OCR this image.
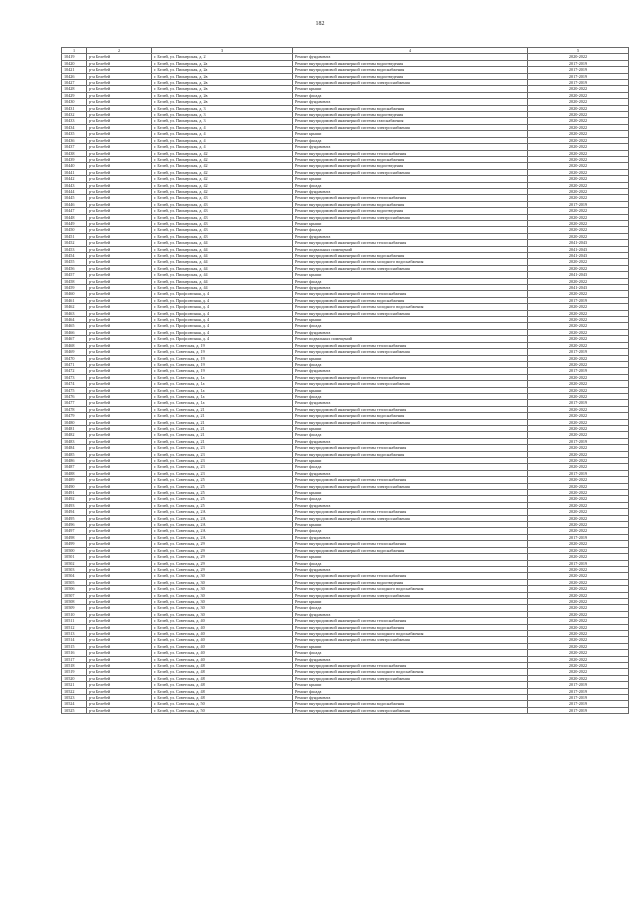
182
1	2	3	4	5
10419	р-н Белебей	г. Белей, ул. Пионерская, д. 2	Ремонт фундамента	2020-2022
10420	р-н Белебей	г. Белей, ул. Пионерская, д. 2а	Ремонт внутридомовой инженерной системы водоотведения	2017-2019
10421	р-н Белебей	г. Белей, ул. Пионерская, д. 2а	Ремонт внутридомовой инженерной системы водоснабжения	2017-2019
10426	р-н Белебей	г. Белей, ул. Пионерская, д. 2в	Ремонт внутридомовой инженерной системы водоотведения	2017-2019
10427	р-н Белебей	г. Белей, ул. Пионерская, д. 2в	Ремонт внутридомовой инженерной системы электроснабжения	2017-2019
10428	р-н Белебей	г. Белей, ул. Пионерская, д. 2в	Ремонт крыши	2020-2022
10429	р-н Белебей	г. Белей, ул. Пионерская, д. 2в	Ремонт фасада	2020-2022
10430	р-н Белебей	г. Белей, ул. Пионерская, д. 2в	Ремонт фундамента	2020-2022
10431	р-н Белебей	г. Белей, ул. Пионерская, д. 3	Ремонт внутридомовой инженерной системы водоснабжения	2020-2022
10432	р-н Белебей	г. Белей, ул. Пионерская, д. 3	Ремонт внутридомовой инженерной системы водоотведения	2020-2022
10433	р-н Белебей	г. Белей, ул. Пионерская, д. 3	Ремонт внутридомовой инженерной системы газоснабжения	2020-2022
10434	р-н Белебей	г. Белей, ул. Пионерская, д. 4	Ремонт внутридомовой инженерной системы электроснабжения	2020-2022
10435	р-н Белебей	г. Белей, ул. Пионерская, д. 4	Ремонт крыши	2020-2022
10436	р-н Белебей	г. Белей, ул. Пионерская, д. 4	Ремонт фасада	2020-2022
10437	р-н Белебей	г. Белей, ул. Пионерская, д. 4	Ремонт фундамента	2020-2022
10438	р-н Белебей	г. Белей, ул. Пионерская, д. 42	Ремонт внутридомовой инженерной системы теплоснабжения	2020-2022
10439	р-н Белебей	г. Белей, ул. Пионерская, д. 42	Ремонт внутридомовой инженерной системы водоснабжения	2020-2022
10440	р-н Белебей	г. Белей, ул. Пионерская, д. 42	Ремонт внутридомовой инженерной системы водоотведения	2020-2022
10441	р-н Белебей	г. Белей, ул. Пионерская, д. 42	Ремонт внутридомовой инженерной системы электроснабжения	2020-2022
10442	р-н Белебей	г. Белей, ул. Пионерская, д. 42	Ремонт крыши	2020-2022
10443	р-н Белебей	г. Белей, ул. Пионерская, д. 42	Ремонт фасада	2020-2022
10444	р-н Белебей	г. Белей, ул. Пионерская, д. 42	Ремонт фундамента	2020-2022
10445	р-н Белебей	г. Белей, ул. Пионерская, д. 43	Ремонт внутридомовой инженерной системы теплоснабжения	2020-2022
10446	р-н Белебей	г. Белей, ул. Пионерская, д. 43	Ремонт внутридомовой инженерной системы водоснабжения	2017-2019
10447	р-н Белебей	г. Белей, ул. Пионерская, д. 43	Ремонт внутридомовой инженерной системы водоотведения	2020-2022
10448	р-н Белебей	г. Белей, ул. Пионерская, д. 43	Ремонт внутридомовой инженерной системы электроснабжения	2020-2022
10449	р-н Белебей	г. Белей, ул. Пионерская, д. 43	Ремонт крыши	2020-2022
10450	р-н Белебей	г. Белей, ул. Пионерская, д. 43	Ремонт фасада	2020-2022
10451	р-н Белебей	г. Белей, ул. Пионерская, д. 43	Ремонт фундамента	2020-2022
10452	р-н Белебей	г. Белей, ул. Пионерская, д. 44	Ремонт внутридомовой инженерной системы теплоснабжения	2041-2043
10453	р-н Белебей	г. Белей, ул. Пионерская, д. 44	Ремонт подвальных помещений	2041-2043
10454	р-н Белебей	г. Белей, ул. Пионерская, д. 44	Ремонт внутридомовой инженерной системы водоснабжения	2041-2043
10455	р-н Белебей	г. Белей, ул. Пионерская, д. 44	Ремонт внутридомовой инженерной системы холодного водоснабжения	2020-2022
10456	р-н Белебей	г. Белей, ул. Пионерская, д. 44	Ремонт внутридомовой инженерной системы электроснабжения	2020-2022
10457	р-н Белебей	г. Белей, ул. Пионерская, д. 44	Ремонт крыши	2041-2043
10458	р-н Белебей	г. Белей, ул. Пионерская, д. 44	Ремонт фасада	2020-2022
10459	р-н Белебей	г. Белей, ул. Пионерская, д. 44	Ремонт фундамента	2041-2043
10460	р-н Белебей	г. Белей, ул. Профсоюзная, д. 4	Ремонт внутридомовой инженерной системы теплоснабжения	2020-2022
10461	р-н Белебей	г. Белей, ул. Профсоюзная, д. 4	Ремонт внутридомовой инженерной системы водоснабжения	2017-2019
10462	р-н Белебей	г. Белей, ул. Профсоюзная, д. 4	Ремонт внутридомовой инженерной системы холодного водоснабжения	2020-2022
10463	р-н Белебей	г. Белей, ул. Профсоюзная, д. 4	Ремонт внутридомовой инженерной системы электроснабжения	2020-2022
10464	р-н Белебей	г. Белей, ул. Профсоюзная, д. 4	Ремонт крыши	2020-2022
10465	р-н Белебей	г. Белей, ул. Профсоюзная, д. 4	Ремонт фасада	2020-2022
10466	р-н Белебей	г. Белей, ул. Профсоюзная, д. 4	Ремонт фундамента	2020-2022
10467	р-н Белебей	г. Белей, ул. Профсоюзная, д. 4	Ремонт подвальных помещений	2020-2022
10468	р-н Белебей	г. Белей, ул. Советская, д. 19	Ремонт внутридомовой инженерной системы теплоснабжения	2020-2022
10469	р-н Белебей	г. Белей, ул. Советская, д. 19	Ремонт внутридомовой инженерной системы электроснабжения	2017-2019
10470	р-н Белебей	г. Белей, ул. Советская, д. 19	Ремонт крыши	2020-2022
10471	р-н Белебей	г. Белей, ул. Советская, д. 19	Ремонт фасада	2020-2022
10472	р-н Белебей	г. Белей, ул. Советская, д. 19	Ремонт фундамента	2017-2019
10473	р-н Белебей	г. Белей, ул. Советская, д. 1а	Ремонт внутридомовой инженерной системы теплоснабжения	2020-2022
10474	р-н Белебей	г. Белей, ул. Советская, д. 1а	Ремонт внутридомовой инженерной системы электроснабжения	2020-2022
10475	р-н Белебей	г. Белей, ул. Советская, д. 1а	Ремонт крыши	2020-2022
10476	р-н Белебей	г. Белей, ул. Советская, д. 1а	Ремонт фасада	2020-2022
10477	р-н Белебей	г. Белей, ул. Советская, д. 1а	Ремонт фундамента	2017-2019
10478	р-н Белебей	г. Белей, ул. Советская, д. 21	Ремонт внутридомовой инженерной системы теплоснабжения	2020-2022
10479	р-н Белебей	г. Белей, ул. Советская, д. 21	Ремонт внутридомовой инженерной системы водоснабжения	2020-2022
10480	р-н Белебей	г. Белей, ул. Советская, д. 21	Ремонт внутридомовой инженерной системы электроснабжения	2020-2022
10481	р-н Белебей	г. Белей, ул. Советская, д. 21	Ремонт крыши	2020-2022
10482	р-н Белебей	г. Белей, ул. Советская, д. 21	Ремонт фасада	2020-2022
10483	р-н Белебей	г. Белей, ул. Советская, д. 21	Ремонт фундамента	2017-2019
10484	р-н Белебей	г. Белей, ул. Советская, д. 23	Ремонт внутридомовой инженерной системы теплоснабжения	2020-2022
10485	р-н Белебей	г. Белей, ул. Советская, д. 23	Ремонт внутридомовой инженерной системы водоснабжения	2020-2022
10486	р-н Белебей	г. Белей, ул. Советская, д. 23	Ремонт крыши	2020-2022
10487	р-н Белебей	г. Белей, ул. Советская, д. 23	Ремонт фасада	2020-2022
10488	р-н Белебей	г. Белей, ул. Советская, д. 23	Ремонт фундамента	2017-2019
10489	р-н Белебей	г. Белей, ул. Советская, д. 25	Ремонт внутридомовой инженерной системы теплоснабжения	2020-2022
10490	р-н Белебей	г. Белей, ул. Советская, д. 25	Ремонт внутридомовой инженерной системы электроснабжения	2020-2022
10491	р-н Белебей	г. Белей, ул. Советская, д. 25	Ремонт крыши	2020-2022
10492	р-н Белебей	г. Белей, ул. Советская, д. 25	Ремонт фасада	2020-2022
10493	р-н Белебей	г. Белей, ул. Советская, д. 25	Ремонт фундамента	2020-2022
10494	р-н Белебей	г. Белей, ул. Советская, д. 2А	Ремонт внутридомовой инженерной системы теплоснабжения	2020-2022
10495	р-н Белебей	г. Белей, ул. Советская, д. 2А	Ремонт внутридомовой инженерной системы электроснабжения	2020-2022
10496	р-н Белебей	г. Белей, ул. Советская, д. 2А	Ремонт крыши	2020-2022
10497	р-н Белебей	г. Белей, ул. Советская, д. 2А	Ремонт фасада	2020-2022
10498	р-н Белебей	г. Белей, ул. Советская, д. 2А	Ремонт фундамента	2017-2019
10499	р-н Белебей	г. Белей, ул. Советская, д. 29	Ремонт внутридомовой инженерной системы теплоснабжения	2020-2022
10500	р-н Белебей	г. Белей, ул. Советская, д. 29	Ремонт внутридомовой инженерной системы водоснабжения	2020-2022
10501	р-н Белебей	г. Белей, ул. Советская, д. 29	Ремонт крыши	2020-2022
10502	р-н Белебей	г. Белей, ул. Советская, д. 29	Ремонт фасада	2017-2019
10503	р-н Белебей	г. Белей, ул. Советская, д. 29	Ремонт фундамента	2020-2022
10504	р-н Белебей	г. Белей, ул. Советская, д. 30	Ремонт внутридомовой инженерной системы теплоснабжения	2020-2022
10505	р-н Белебей	г. Белей, ул. Советская, д. 30	Ремонт внутридомовой инженерной системы водоотведения	2020-2022
10506	р-н Белебей	г. Белей, ул. Советская, д. 30	Ремонт внутридомовой инженерной системы холодного водоснабжения	2020-2022
10507	р-н Белебей	г. Белей, ул. Советская, д. 30	Ремонт внутридомовой инженерной системы электроснабжения	2020-2022
10508	р-н Белебей	г. Белей, ул. Советская, д. 30	Ремонт крыши	2020-2022
10509	р-н Белебей	г. Белей, ул. Советская, д. 30	Ремонт фасада	2020-2022
10510	р-н Белебей	г. Белей, ул. Советская, д. 30	Ремонт фундамента	2020-2022
10511	р-н Белебей	г. Белей, ул. Советская, д. 40	Ремонт внутридомовой инженерной системы теплоснабжения	2020-2022
10512	р-н Белебей	г. Белей, ул. Советская, д. 40	Ремонт внутридомовой инженерной системы водоснабжения	2020-2022
10513	р-н Белебей	г. Белей, ул. Советская, д. 40	Ремонт внутридомовой инженерной системы холодного водоснабжения	2020-2022
10514	р-н Белебей	г. Белей, ул. Советская, д. 40	Ремонт внутридомовой инженерной системы электроснабжения	2020-2022
10515	р-н Белебей	г. Белей, ул. Советская, д. 40	Ремонт крыши	2020-2022
10516	р-н Белебей	г. Белей, ул. Советская, д. 40	Ремонт фасада	2020-2022
10517	р-н Белебей	г. Белей, ул. Советская, д. 40	Ремонт фундамента	2020-2022
10518	р-н Белебей	г. Белей, ул. Советская, д. 48	Ремонт внутридомовой инженерной системы теплоснабжения	2020-2022
10519	р-н Белебей	г. Белей, ул. Советская, д. 48	Ремонт внутридомовой инженерной системы холодного водоснабжения	2020-2022
10520	р-н Белебей	г. Белей, ул. Советская, д. 48	Ремонт внутридомовой инженерной системы электроснабжения	2020-2022
10521	р-н Белебей	г. Белей, ул. Советская, д. 48	Ремонт крыши	2017-2019
10522	р-н Белебей	г. Белей, ул. Советская, д. 48	Ремонт фасада	2017-2019
10523	р-н Белебей	г. Белей, ул. Советская, д. 48	Ремонт фундамента	2017-2019
10524	р-н Белебей	г. Белей, ул. Советская, д. 50	Ремонт внутридомовой инженерной системы водоснабжения	2017-2019
10525	р-н Белебей	г. Белей, ул. Советская, д. 50	Ремонт внутридомовой инженерной системы электроснабжения	2017-2019
